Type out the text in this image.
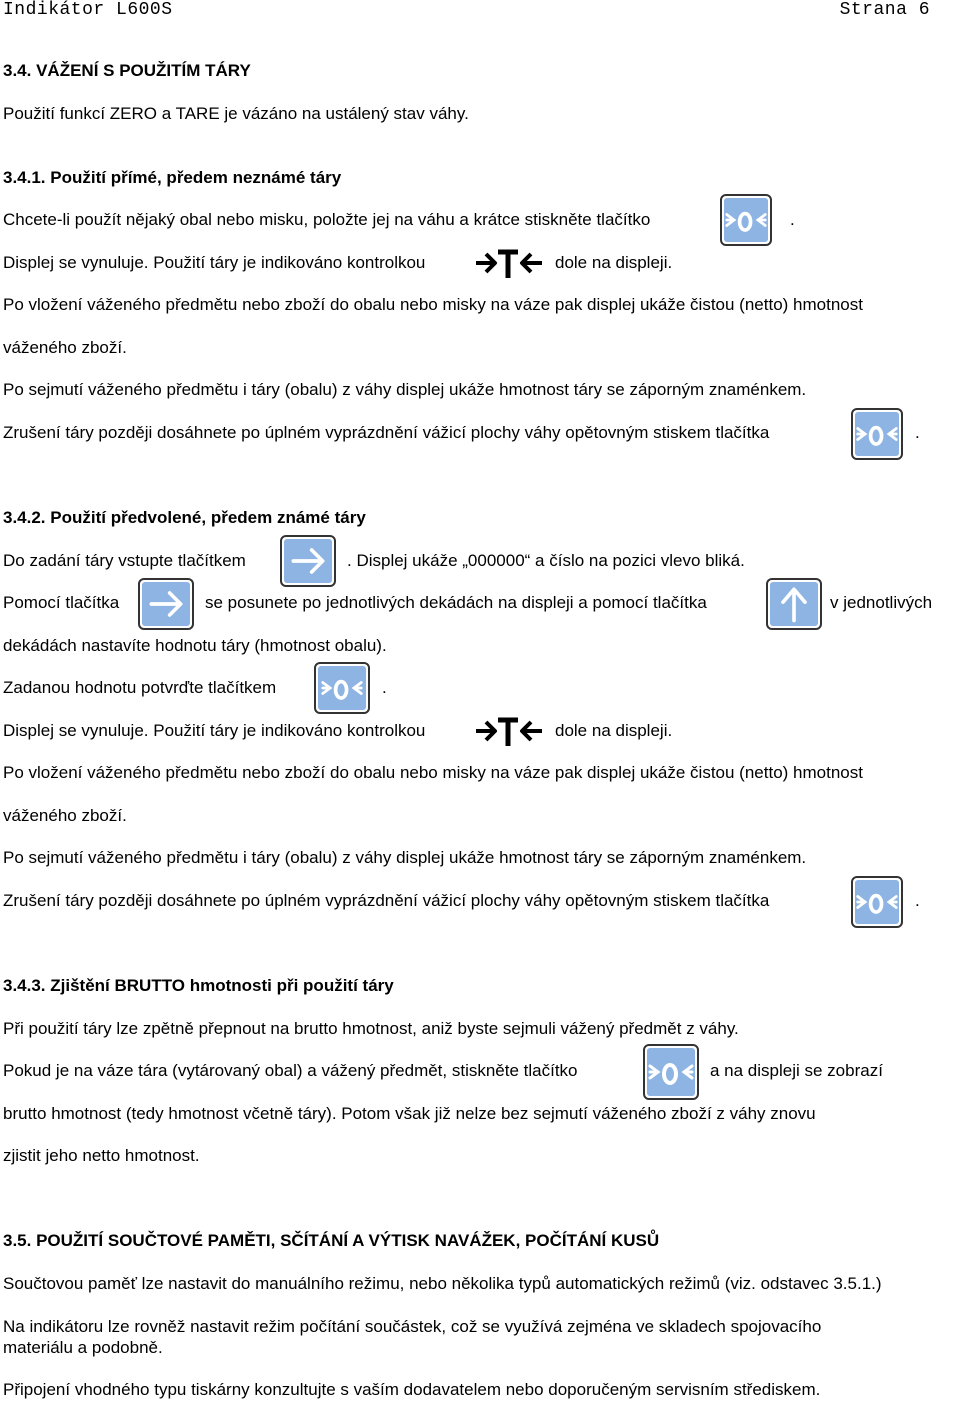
Indikátor L600S	Strana 6
3.4. VÁŽENÍ S POUŽITÍM TÁRY
Použití funkcí ZERO a TARE je vázáno na ustálený stav váhy.
3.4.1. Použití přímé, předem neznámé táry
Chcete-li použít nějaký obal nebo misku, položte jej na váhu a krátce stiskněte tlačítko	.
Displej se vynuluje. Použití táry je indikováno kontrolkou	dole na displeji.
Po vložení váženého předmětu nebo zboží do obalu nebo misky na váze pak displej ukáže čistou (netto) hmotnost
váženého zboží.
Po sejmutí váženého předmětu i táry (obalu) z váhy displej ukáže hmotnost táry se záporným znaménkem.
Zrušení táry později dosáhnete po úplném vyprázdnění vážicí plochy váhy opětovným stiskem tlačítka	.
3.4.2. Použití předvolené, předem známé táry
Do zadání táry vstupte tlačítkem	. Displej ukáže „000000“ a číslo na pozici vlevo bliká.
Pomocí tlačítka	se posunete po jednotlivých dekádách na displeji a pomocí tlačítka	v jednotlivých
dekádách nastavíte hodnotu táry (hmotnost obalu).
Zadanou hodnotu potvrďte tlačítkem	.
Displej se vynuluje. Použití táry je indikováno kontrolkou	dole na displeji.
Po vložení váženého předmětu nebo zboží do obalu nebo misky na váze pak displej ukáže čistou (netto) hmotnost
váženého zboží.
Po sejmutí váženého předmětu i táry (obalu) z váhy displej ukáže hmotnost táry se záporným znaménkem.
Zrušení táry později dosáhnete po úplném vyprázdnění vážicí plochy váhy opětovným stiskem tlačítka	.
3.4.3. Zjištění BRUTTO hmotnosti při použití táry
Při použití táry lze zpětně přepnout na brutto hmotnost, aniž byste sejmuli vážený předmět z váhy.
Pokud je na váze tára (vytárovaný obal) a vážený předmět, stiskněte tlačítko	a na displeji se zobrazí
brutto hmotnost (tedy hmotnost včetně táry). Potom však již nelze bez sejmutí váženého zboží z váhy znovu
zjistit jeho netto hmotnost.
3.5. POUŽITÍ SOUČTOVÉ PAMĚTI, SČÍTÁNÍ A VÝTISK NAVÁŽEK, POČÍTÁNÍ KUSŮ
Součtovou paměť lze nastavit do manuálního režimu, nebo několika typů automatických režimů (viz. odstavec 3.5.1.)
Na indikátoru lze rovněž nastavit režim počítání součástek, což se využívá zejména ve skladech spojovacího
materiálu a podobně.
Připojení vhodného typu tiskárny konzultujte s vaším dodavatelem nebo doporučeným servisním střediskem.
